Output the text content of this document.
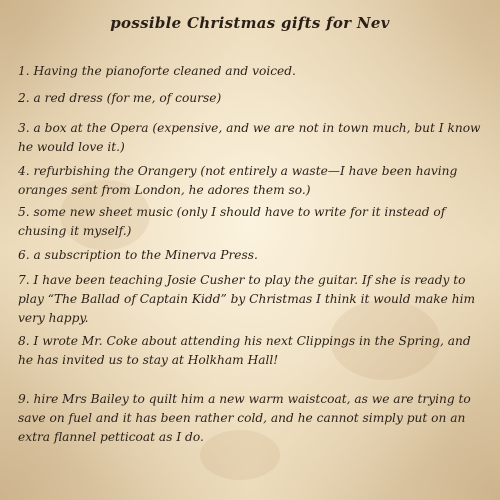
possible Christmas gifts for Nev
1. Having the pianoforte cleaned and voiced.
2. a red dress (for me, of course)
3. a box at the Opera (expensive, and we are not in town much, but I know he would love it.)
4. refurbishing the Orangery (not entirely a waste—I have been having oranges sent from London, he adores them so.)
5. some new sheet music (only I should have to write for it instead of chusing it myself.)
6. a subscription to the Minerva Press.
7. I have been teaching Josie Cusher to play the guitar. If she is ready to play “The Ballad of Captain Kidd” by Christmas I think it would make him very happy.
8. I wrote Mr. Coke about attending his next Clippings in the Spring, and he has invited us to stay at Holkham Hall!
9. hire Mrs Bailey to quilt him a new warm waistcoat, as we are trying to save on fuel and it has been rather cold, and he cannot simply put on an extra flannel petticoat as I do.
